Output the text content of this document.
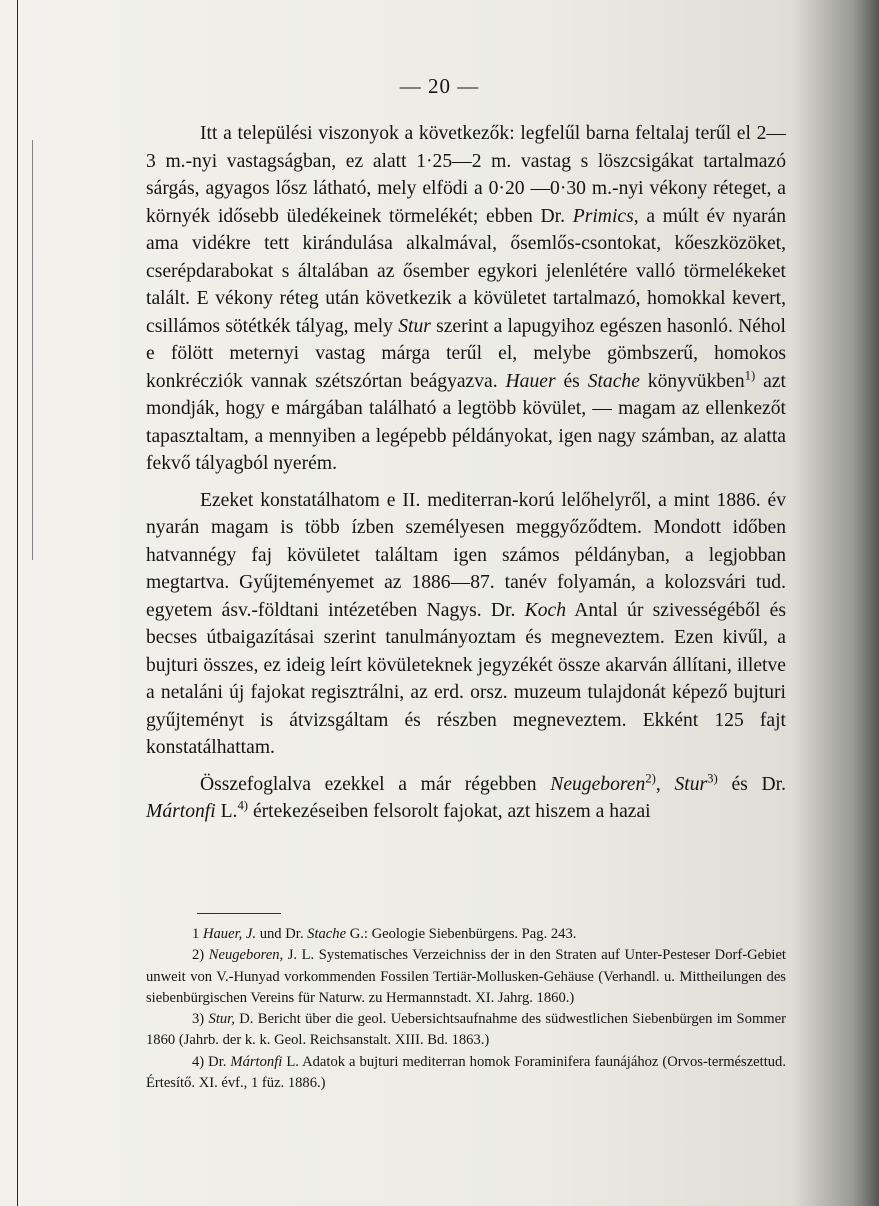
— 20 —

Itt a települési viszonyok a következők: legfelűl barna feltalaj terűl el 2—3 m.-nyi vastagságban, ez alatt 1·25—2 m. vastag s löszcsigákat tartalmazó sárgás, agyagos lősz látható, mely elfödi a 0·20 —0·30 m.-nyi vékony réteget, a környék idősebb üledékeinek törmelékét; ebben Dr. Primics, a múlt év nyarán ama vidékre tett kirándulása alkalmával, ősemlős-csontokat, kőeszközöket, cserépdarabokat s általában az ősember egykori jelenlétére valló törmelékeket talált. E vékony réteg után következik a kövületet tartalmazó, homokkal kevert, csillámos sötétkék tályag, mely Stur szerint a lapugyihoz egészen hasonló. Néhol e fölött meternyi vastag márga terűl el, melybe gömbszerű, homokos konkrécziók vannak szétszórtan beágyazva. Hauer és Stache könyvükben$^{1)}$ azt mondják, hogy e márgában található a legtöbb kövület, — magam az ellenkezőt tapasztaltam, a mennyiben a legépebb példányokat, igen nagy számban, az alatta fekvő tályagból nyerém.

Ezeket konstatálhatom e II. mediterran-korú lelőhelyről, a mint 1886. év nyarán magam is több ízben személyesen meggyőződtem. Mondott időben hatvannégy faj kövületet találtam igen számos példányban, a legjobban megtartva. Gyűjteményemet az 1886—87. tanév folyamán, a kolozsvári tud. egyetem ásv.-földtani intézetében Nagys. Dr. Koch Antal úr szivességéből és becses útbaigazításai szerint tanulmányoztam és megneveztem. Ezen kivűl, a bujturi összes, ez ideig leírt kövületeknek jegyzékét össze akarván állítani, illetve a netaláni új fajokat regisztrálni, az erd. orsz. muzeum tulajdonát képező bujturi gyűjteményt is átvizsgáltam és részben megneveztem. Ekként 125 fajt konstatálhattam.

Összefoglalva ezekkel a már régebben Neugeboren$^{2)}$, Stur$^{3)}$ és Dr. Mártonfi L.$^{4)}$ értekezéseiben felsorolt fajokat, azt hiszem a hazai

1 Hauer, J. und Dr. Stache G.: Geologie Siebenbürgens. Pag. 243.

2) Neugeboren, J. L. Systematisches Verzeichniss der in den Straten auf Unter-Pesteser Dorf-Gebiet unweit von V.-Hunyad vorkommenden Fossilen Tertiär-Mollusken-Gehäuse (Verhandl. u. Mittheilungen des siebenbürgischen Vereins für Naturw. zu Hermannstadt. XI. Jahrg. 1860.)

3) Stur, D. Bericht über die geol. Uebersichtsaufnahme des südwestlichen Siebenbürgen im Sommer 1860 (Jahrb. der k. k. Geol. Reichsanstalt. XIII. Bd. 1863.)

4) Dr. Mártonfi L. Adatok a bujturi mediterran homok Foraminifera faunájához (Orvos-természettud. Értesítő. XI. évf., 1 füz. 1886.)
